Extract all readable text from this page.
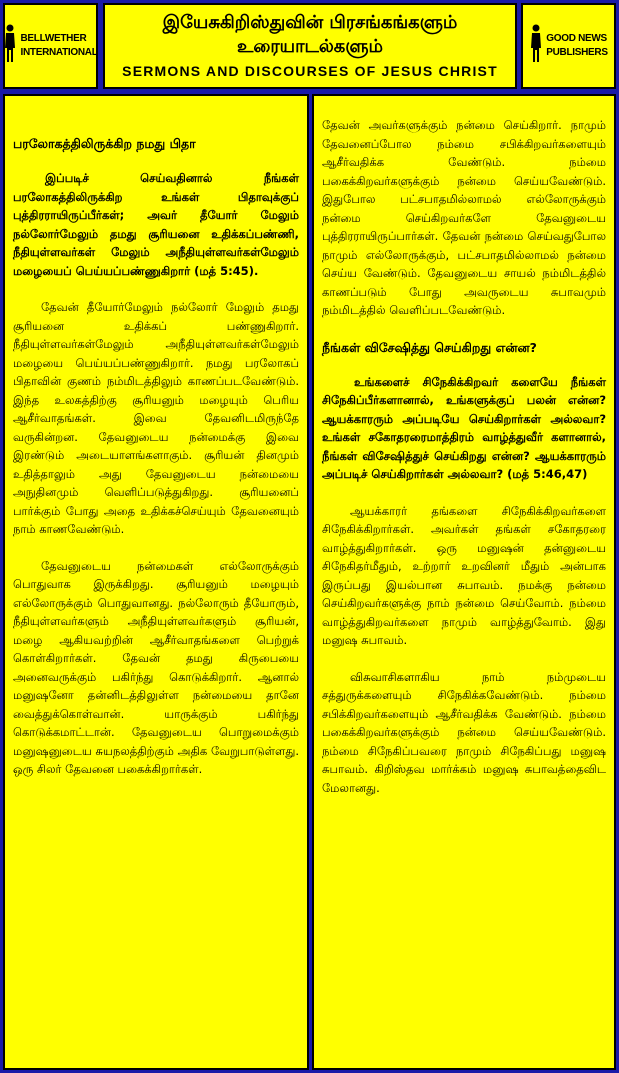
BELLWETHER
INTERNATIONAL
இயேசுகிறிஸ்துவின் பிரசங்கங்களும்
உரையாடல்களும்
SERMONS AND DISCOURSES OF JESUS CHRIST
GOOD NEWS
PUBLISHERS
பரலோகத்திலிருக்கிற நமது பிதா

இப்படிச் செய்வதினால் நீங்கள் பரலோகத்திலிருக்கிற உங்கள் பிதாவுக்குப் புத்திரராயிருப்பீர்கள்; அவர் தீயோர் மேலும் நல்லோர்மேலும் தமது சூரியனை உதிக்கப்பண்ணி, நீதியுள்ளவர்கள் மேலும் அநீதியுள்ளவர்கள்மேலும் மழையைப் பெய்யப்பண்ணுகிறார் (மத் 5:45).

தேவன் தீயோர்மேலும் நல்லோர் மேலும் தமது சூரியனை உதிக்கப் பண்ணுகிறார். நீதியுள்ளவர்கள்மேலும் அநீதியுள்ளவர்கள்மேலும் மழையை பெய்யப்பண்ணுகிறார். நமது பரலோகப் பிதாவின் குணம் நம்மிடத்திலும் காணப்படவேண்டும். இந்த உலகத்திற்கு சூரியனும் மழையும் பெரிய ஆசீர்வாதங்கள். இவை தேவனிடமிருந்தே வருகின்றன. தேவனுடைய நன்மைக்கு இவை இரண்டும் அடையாளங்களாகும். சூரியன் தினமும் உதித்தாலும் அது தேவனுடைய நன்மையை அநுதினமும் வெளிப்படுத்துகிறது. சூரியனைப் பார்க்கும் போது அதை உதிக்கச்செய்யும் தேவனையும் நாம் காணவேண்டும்.

தேவனுடைய நன்மைகள் எல்லோருக்கும் பொதுவாக இருக்கிறது. சூரியனும் மழையும் எல்லோருக்கும் பொதுவானது. நல்லோரும் தீயோரும், நீதியுள்ளவர்களும் அநீதியுள்ளவர்களும் சூரியன், மழை ஆகியவற்றின் ஆசீர்வாதங்களை பெற்றுக் கொள்கிறார்கள். தேவன் தமது கிருபையை அனைவருக்கும் பகிர்ந்து கொடுக்கிறார். ஆனால் மனுஷனோ தன்னிடத்திலுள்ள நன்மையை தானே வைத்துக்கொள்வான். யாருக்கும் பகிர்ந்து கொடுக்கமாட்டான். தேவனுடைய பொறுமைக்கும் மனுஷனுடைய சுயநலத்திற்கும் அதிக வேறுபாடுள்ளது. ஒரு சிலர் தேவனை பகைக்கிறார்கள்.

தேவன் அவர்களுக்கும் நன்மை செய்கிறார். நாமும் தேவனைப்போல நம்மை சபிக்கிறவர்களையும் ஆசீர்வதிக்க வேண்டும். நம்மை பகைக்கிறவர்களுக்கும் நன்மை செய்யவேண்டும். இதுபோல பட்சபாதமில்லாமல் எல்லோருக்கும் நன்மை செய்கிறவர்களே தேவனுடைய புத்திரராயிருப்பார்கள். தேவன் நன்மை செய்வதுபோல நாமும் எல்லோருக்கும், பட்சபாதமில்லாமல் நன்மை செய்ய வேண்டும். தேவனுடைய சாயல் நம்மிடத்தில் காணப்படும் போது அவருடைய சுபாவமும் நம்மிடத்தில் வெளிப்படவேண்டும்.

நீங்கள் விசேஷித்து செய்கிறது என்ன?

உங்களைச் சிநேகிக்கிறவர் களையே நீங்கள் சிநேகிப்பீர்களானால், உங்களுக்குப் பலன் என்ன? ஆயக்காரரும் அப்படியே செய்கிறார்கள் அல்லவா? உங்கள் சகோதரரைமாத்திரம் வாழ்த்துவீர் களானால், நீங்கள் விசேஷித்துச் செய்கிறது என்ன? ஆயக்காரரும் அப்படிச் செய்கிறார்கள் அல்லவா? (மத் 5:46,47)

ஆயக்காரர் தங்களை சிநேகிக்கிறவர்களை சிநேகிக்கிறார்கள். அவர்கள் தங்கள் சகோதரரை வாழ்த்துகிறார்கள். ஒரு மனுஷன் தன்னுடைய சிநேகிதர்மீதும், உற்றார் உறவினர் மீதும் அன்பாக இருப்பது இயல்பான சுபாவம். நமக்கு நன்மை செய்கிறவர்களுக்கு நாம் நன்மை செய்வோம். நம்மை வாழ்த்துகிறவர்களை நாமும் வாழ்த்துவோம். இது மனுஷ சுபாவம்.

விசுவாசிகளாகிய நாம் நம்முடைய சத்துருக்களையும் சிநேகிக்கவேண்டும். நம்மை சபிக்கிறவர்களையும் ஆசீர்வதிக்க வேண்டும். நம்மை பகைக்கிறவர்களுக்கும் நன்மை செய்யவேண்டும். நம்மை சிநேகிப்பவரை நாமும் சிநேகிப்பது மனுஷ சுபாவம். கிறிஸ்தவ மார்க்கம் மனுஷ சுபாவத்தைவிட மேலானது.
